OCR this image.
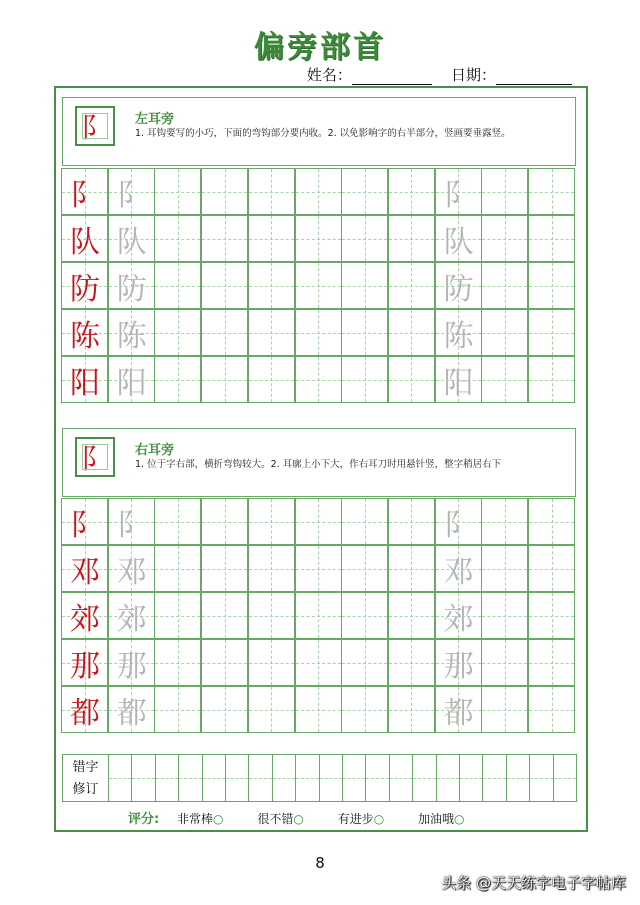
偏旁部首
姓名：	日期：
阝	左耳旁
1. 耳钩要写的小巧，下面的弯钩部分要内收。2. 以免影响字的右半部分，竖画要垂露竖。
阝 阝	阝
队 队	队
防 防	防
陈 陈	陈
阳 阳	阳
阝	右耳旁
1. 位于字右部，横折弯钩较大。2. 耳廓上小下大，作右耳刀时用悬针竖，整字稍居右下
阝 阝	阝
邓 邓	邓
郊 郊	郊
那 那	那
都 都	都
错字
修订
评分: 非常棒○	很不错○	有进步○	加油哦○
8
头条 @天天练字电子字帖库
